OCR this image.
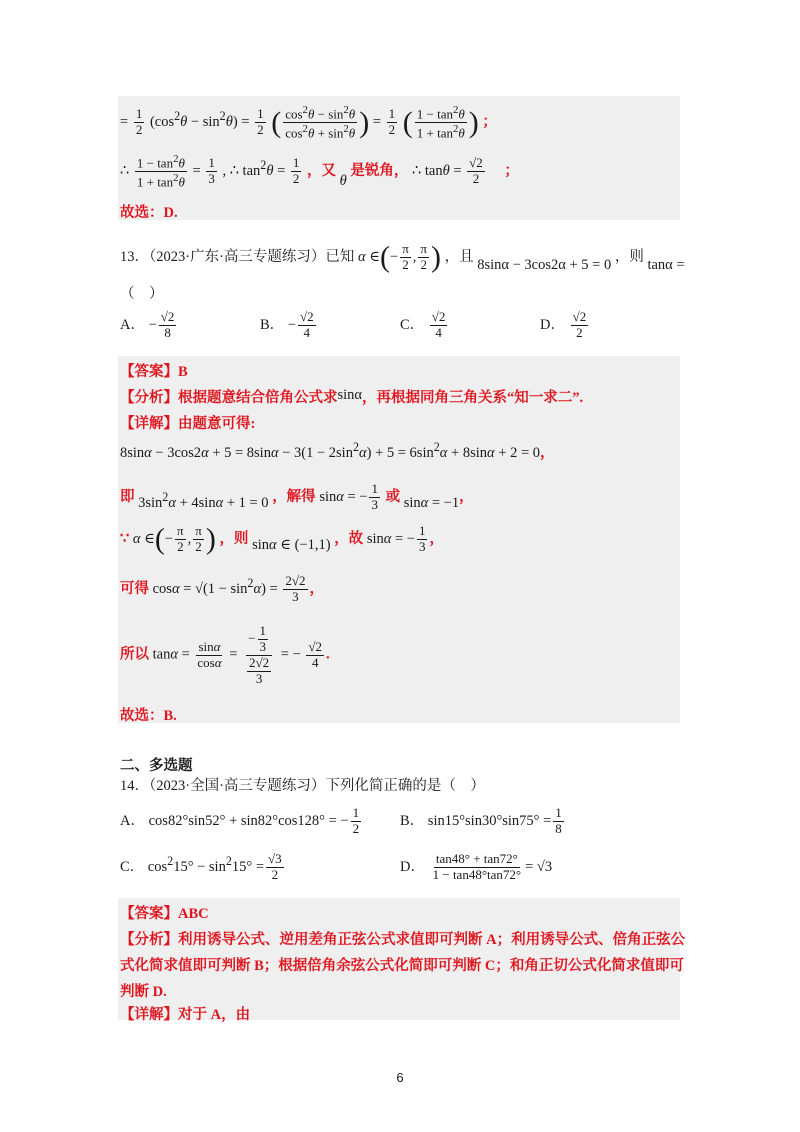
= $\frac{1}{2} (\cos^2\theta - \sin^2\theta) = \frac{1}{2}$ ( $\frac{\cos^2\theta - \sin^2\theta}{\cos^2\theta + \sin^2\theta}$ ) = $\frac{1}{2}$ ( $\frac{1 - \tan^2\theta}{1 + \tan^2\theta}$ ) ；
∴ $\frac{1 - \tan^2\theta}{1 + \tan^2\theta} = \frac{1}{3}$ , ∴ $\tan^2\theta = \frac{1}{2}$ ，又 θ 是锐角， ∴ $\tan\theta = \frac{√2}{2}$ ；
故选：D.
13．（2023·广东·高三专题练习）已知 α ∈(− $\frac{\pi}{2}$ , $\frac{\pi}{2}$ ) ，且 8sinα − 3cos2α + 5 = 0 ，则 tanα =
（　）
A． − $\frac{√2}{8}$	B． − $\frac{√2}{4}$	C． $\frac{√2}{4}$	D． $\frac{√2}{2}$
【答案】B
【分析】根据题意结合倍角公式求sinα，再根据同角三角关系“知一求二”.
【详解】由题意可得:
$8\sin\alpha - 3\cos 2\alpha + 5 = 8\sin\alpha - 3(1 - 2\sin^2\alpha) + 5 = 6\sin^2\alpha + 8\sin\alpha + 2 = 0$，
即 $3\sin^2\alpha + 4\sin\alpha + 1 = 0$ ，解得 sinα = − $\frac{1}{3}$ 或 sinα = −1，
∵ α ∈(− $\frac{\pi}{2}$ , $\frac{\pi}{2}$ ) ，则 sinα ∈ (−1,1) ，故 sinα = − $\frac{1}{3}$ ，
可得 $\cos\alpha = √(1 - \sin^2\alpha) = \frac{2√2}{3}$ ，
所以 $\tan\alpha = \frac{\sin\alpha}{\cos\alpha} = \frac{- \frac{1}{3}}{\frac{2√2}{3}}$ = − $\frac{√2}{4}$ .
故选：B.
二、多选题
14．（2023·全国·高三专题练习）下列化简正确的是（　）
A． cos82°sin52° + sin82°cos128° = − $\frac{1}{2}$	B． $\sin 15^\circ\sin 30^\circ\sin 75^\circ = \frac{1}{8}$
C． $\cos^215^\circ - \sin^215^\circ = \frac{√3}{2}$	D． $\frac{\tan 48^\circ + \tan 72^\circ}{1 - \tan 48^\circ\tan 72^\circ} = √3$
【答案】ABC
【分析】利用诱导公式、逆用差角正弦公式求值即可判断 A；利用诱导公式、倍角正弦公
式化简求值即可判断 B；根据倍角余弦公式化简即可判断 C；和角正切公式化简求值即可
判断 D.
【详解】对于 A，由
6
